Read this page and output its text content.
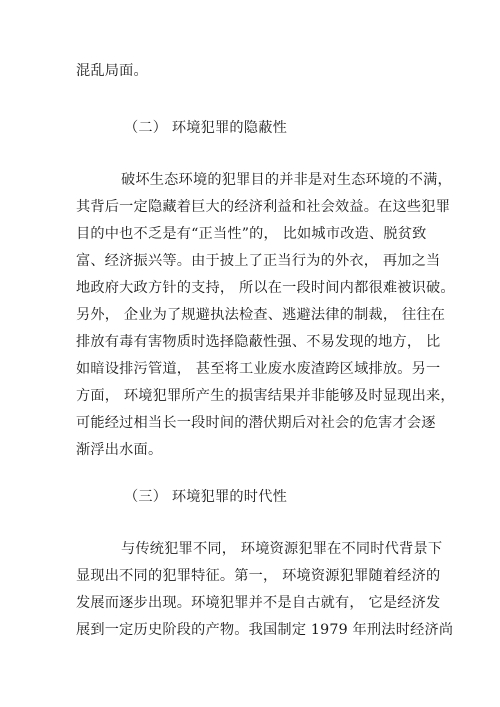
混乱局面。
（二） 环境犯罪的隐蔽性
破坏生态环境的犯罪目的并非是对生态环境的不满，
其背后一定隐藏着巨大的经济利益和社会效益。在这些犯罪
目的中也不乏是有“正当性”的， 比如城市改造、脱贫致
富、经济振兴等。由于披上了正当行为的外衣， 再加之当
地政府大政方针的支持， 所以在一段时间内都很难被识破。
另外， 企业为了规避执法检查、逃避法律的制裁， 往往在
排放有毒有害物质时选择隐蔽性强、不易发现的地方， 比
如暗设排污管道， 甚至将工业废水废渣跨区域排放。另一
方面， 环境犯罪所产生的损害结果并非能够及时显现出来，
可能经过相当长一段时间的潜伏期后对社会的危害才会逐
渐浮出水面。
（三） 环境犯罪的时代性
与传统犯罪不同， 环境资源犯罪在不同时代背景下
显现出不同的犯罪特征。第一， 环境资源犯罪随着经济的
发展而逐步出现。环境犯罪并不是自古就有， 它是经济发
展到一定历史阶段的产物。我国制定 1979 年刑法时经济尚
